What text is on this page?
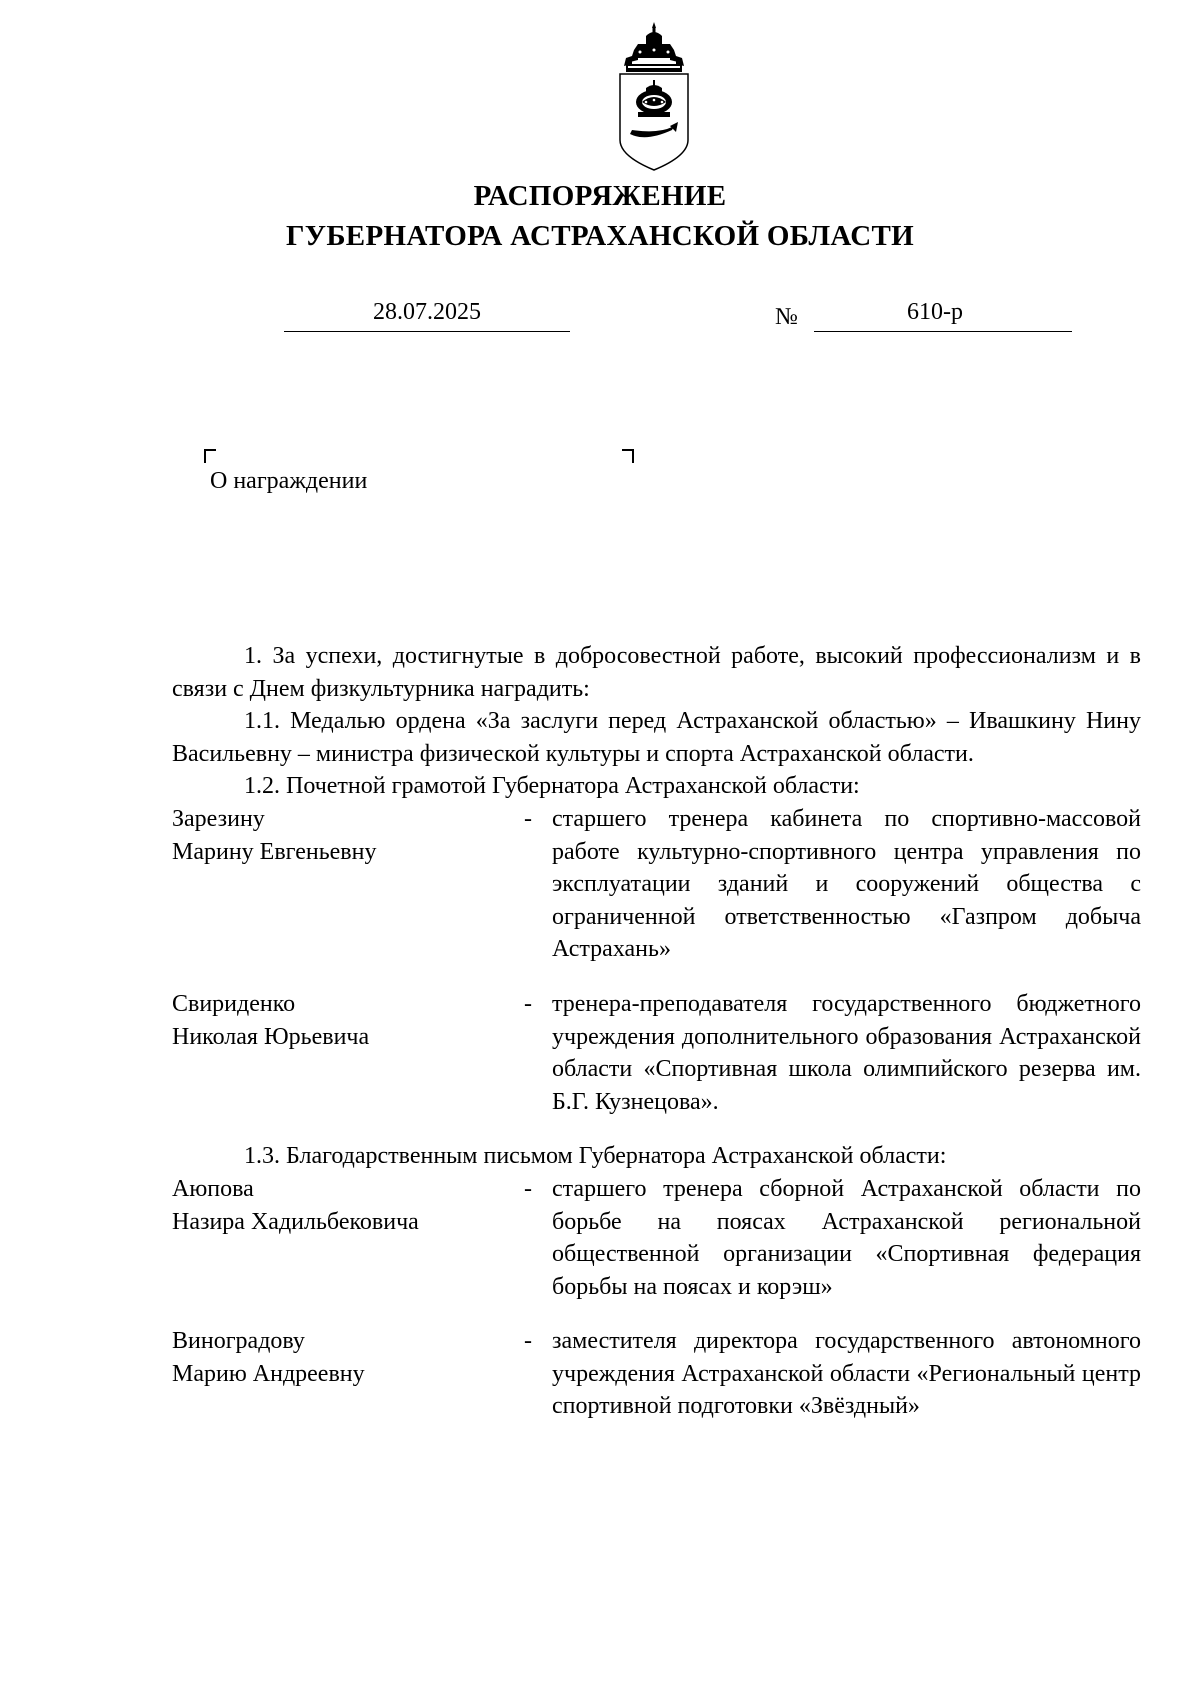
РАСПОРЯЖЕНИЕ
ГУБЕРНАТОРА АСТРАХАНСКОЙ ОБЛАСТИ
28.07.2025	№	610-р
О награждении

1. За успехи, достигнутые в добросовестной работе, высокий профессионализм и в связи с Днем физкультурника наградить:

1.1. Медалью ордена «За заслуги перед Астраханской областью» – Ивашкину Нину Васильевну – министра физической культуры и спорта Астраханской области.

1.2. Почетной грамотой Губернатора Астраханской области:

Зарезину
Марину Евгеньевну
- старшего тренера кабинета по спортивно-массовой работе культурно-спортивного центра управления по эксплуатации зданий и сооружений общества с ограниченной ответственностью «Газпром добыча Астрахань»
Свириденко
Николая Юрьевича
- тренера-преподавателя государственного бюджетного учреждения дополнительного образования Астраханской области «Спортивная школа олимпийского резерва им. Б.Г. Кузнецова».

1.3. Благодарственным письмом Губернатора Астраханской области:

Аюпова
Назира Хадильбековича
- старшего тренера сборной Астраханской области по борьбе на поясах Астраханской региональной общественной организации «Спортивная федерация борьбы на поясах и корэш»
Виноградову
Марию Андреевну
- заместителя директора государственного автономного учреждения Астраханской области «Региональный центр спортивной подготовки «Звёздный»
